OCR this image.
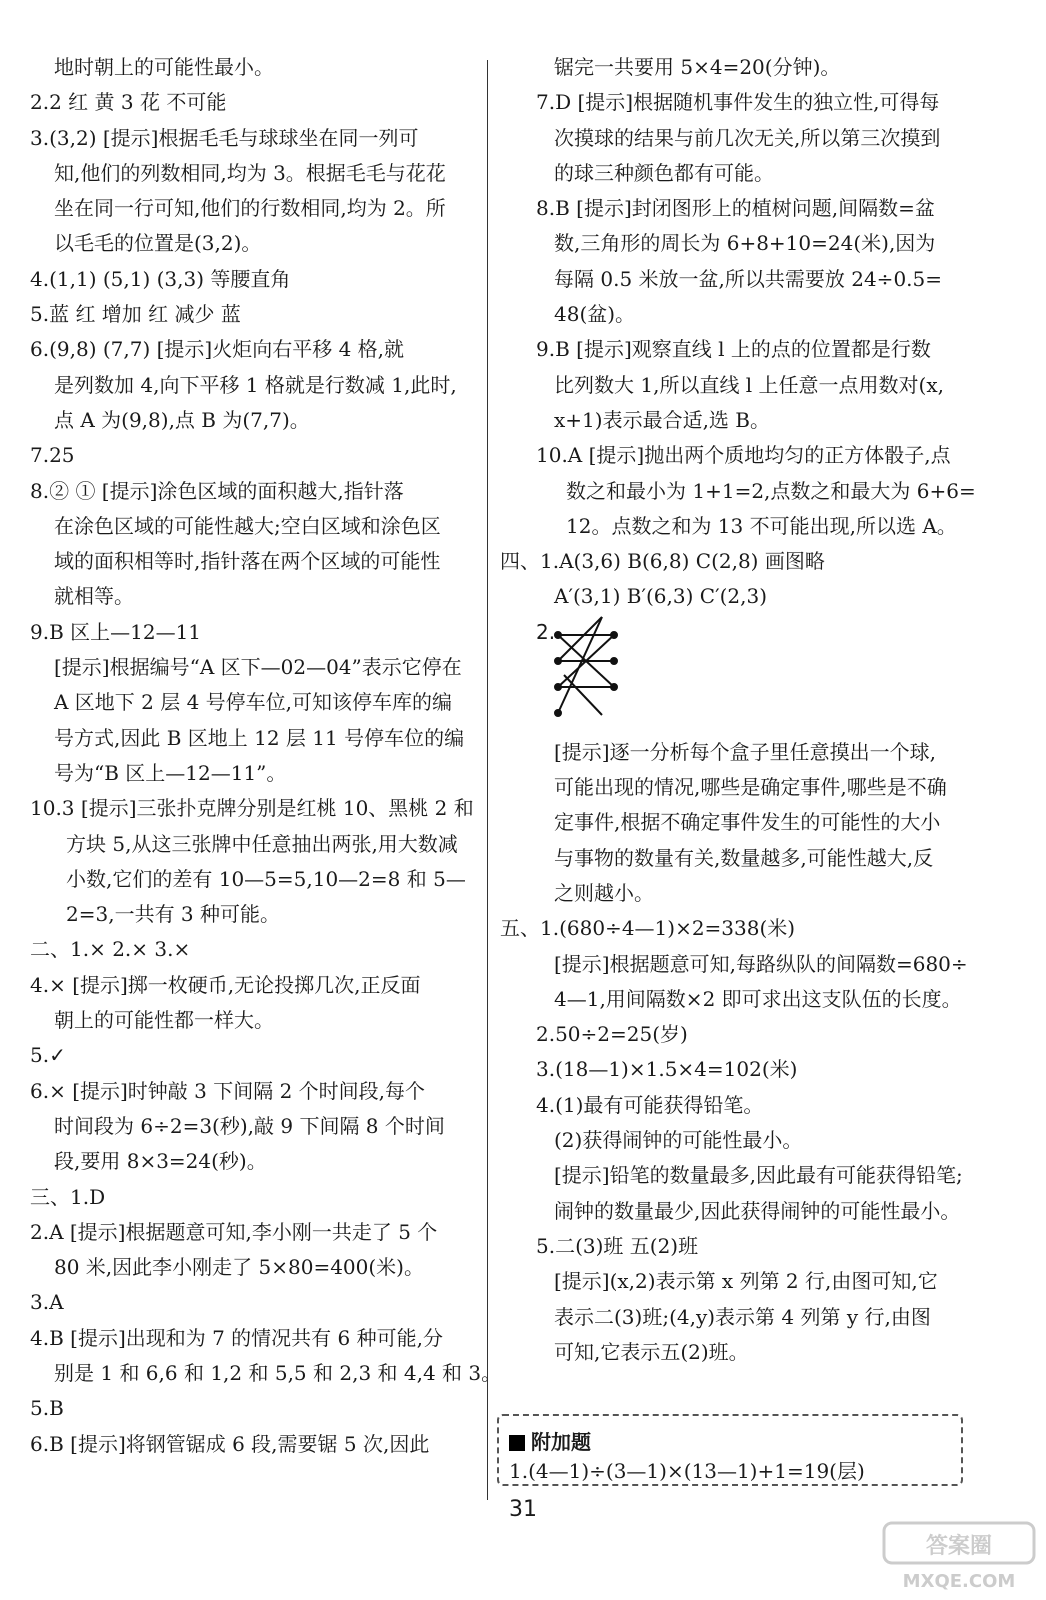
地时朝上的可能性最小。
2.2 红 黄 3 花 不可能
3.(3,2) [提示]根据毛毛与球球坐在同一列可
知,他们的列数相同,均为 3。根据毛毛与花花
坐在同一行可知,他们的行数相同,均为 2。所
以毛毛的位置是(3,2)。
4.(1,1) (5,1) (3,3) 等腰直角
5.蓝 红 增加 红 减少 蓝
6.(9,8) (7,7) [提示]火炬向右平移 4 格,就
是列数加 4,向下平移 1 格就是行数减 1,此时,
点 A 为(9,8),点 B 为(7,7)。
7.25
8.② ① [提示]涂色区域的面积越大,指针落
在涂色区域的可能性越大;空白区域和涂色区
域的面积相等时,指针落在两个区域的可能性
就相等。
9.B 区上—12—11
[提示]根据编号“A 区下—02—04”表示它停在
A 区地下 2 层 4 号停车位,可知该停车库的编
号方式,因此 B 区地上 12 层 11 号停车位的编
号为“B 区上—12—11”。
10.3 [提示]三张扑克牌分别是红桃 10、黑桃 2 和
方块 5,从这三张牌中任意抽出两张,用大数减
小数,它们的差有 10—5=5,10—2=8 和 5—
2=3,一共有 3 种可能。
二、1.× 2.× 3.×
4.× [提示]掷一枚硬币,无论投掷几次,正反面
朝上的可能性都一样大。
5.✓
6.× [提示]时钟敲 3 下间隔 2 个时间段,每个
时间段为 6÷2=3(秒),敲 9 下间隔 8 个时间
段,要用 8×3=24(秒)。
三、1.D
2.A [提示]根据题意可知,李小刚一共走了 5 个
80 米,因此李小刚走了 5×80=400(米)。
3.A
4.B [提示]出现和为 7 的情况共有 6 种可能,分
别是 1 和 6,6 和 1,2 和 5,5 和 2,3 和 4,4 和 3。
5.B
6.B [提示]将钢管锯成 6 段,需要锯 5 次,因此
锯完一共要用 5×4=20(分钟)。
7.D [提示]根据随机事件发生的独立性,可得每
次摸球的结果与前几次无关,所以第三次摸到
的球三种颜色都有可能。
8.B [提示]封闭图形上的植树问题,间隔数=盆
数,三角形的周长为 6+8+10=24(米),因为
每隔 0.5 米放一盆,所以共需要放 24÷0.5=
48(盆)。
9.B [提示]观察直线 l 上的点的位置都是行数
比列数大 1,所以直线 l 上任意一点用数对(x,
x+1)表示最合适,选 B。
10.A [提示]抛出两个质地均匀的正方体骰子,点
数之和最小为 1+1=2,点数之和最大为 6+6=
12。点数之和为 13 不可能出现,所以选 A。
四、1.A(3,6) B(6,8) C(2,8) 画图略
A′(3,1) B′(6,3) C′(2,3)
2.
[提示]逐一分析每个盒子里任意摸出一个球,
可能出现的情况,哪些是确定事件,哪些是不确
定事件,根据不确定事件发生的可能性的大小
与事物的数量有关,数量越多,可能性越大,反
之则越小。
五、1.(680÷4—1)×2=338(米)
[提示]根据题意可知,每路纵队的间隔数=680÷
4—1,用间隔数×2 即可求出这支队伍的长度。
2.50÷2=25(岁)
3.(18—1)×1.5×4=102(米)
4.(1)最有可能获得铅笔。
(2)获得闹钟的可能性最小。
[提示]铅笔的数量最多,因此最有可能获得铅笔;
闹钟的数量最少,因此获得闹钟的可能性最小。
5.二(3)班 五(2)班
[提示](x,2)表示第 x 列第 2 行,由图可知,它
表示二(3)班;(4,y)表示第 4 列第 y 行,由图
可知,它表示五(2)班。
附加题
1.(4—1)÷(3—1)×(13—1)+1=19(层)
31
答案圈
MXQE.COM
